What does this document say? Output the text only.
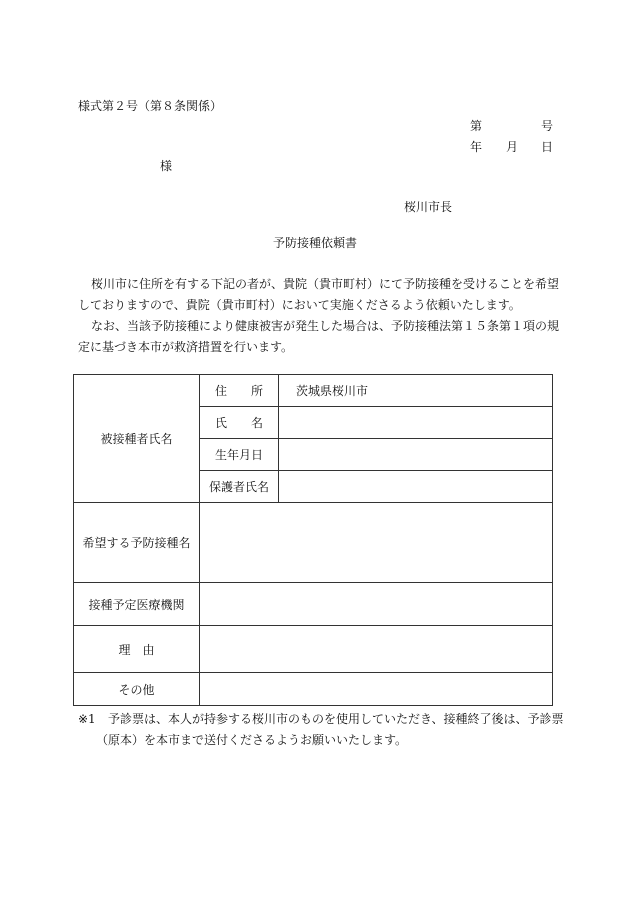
様式第２号（第８条関係）
第	号
年 月 日
様
桜川市長
予防接種依頼書
桜川市に住所を有する下記の者が、貴院（貴市町村）にて予防接種を受けることを希望
しておりますので、貴院（貴市町村）において実施くださるよう依頼いたします。
なお、当該予防接種により健康被害が発生した場合は、予防接種法第１５条第１項の規
定に基づき本市が救済措置を行います。
被接種者氏名
住　　所	茨城県桜川市
氏　　名
生年月日
保護者氏名
希望する予防接種名
接種予定医療機関
理　由
その他
※1 予診票は、本人が持参する桜川市のものを使用していただき、接種終了後は、予診票
（原本）を本市まで送付くださるようお願いいたします。
